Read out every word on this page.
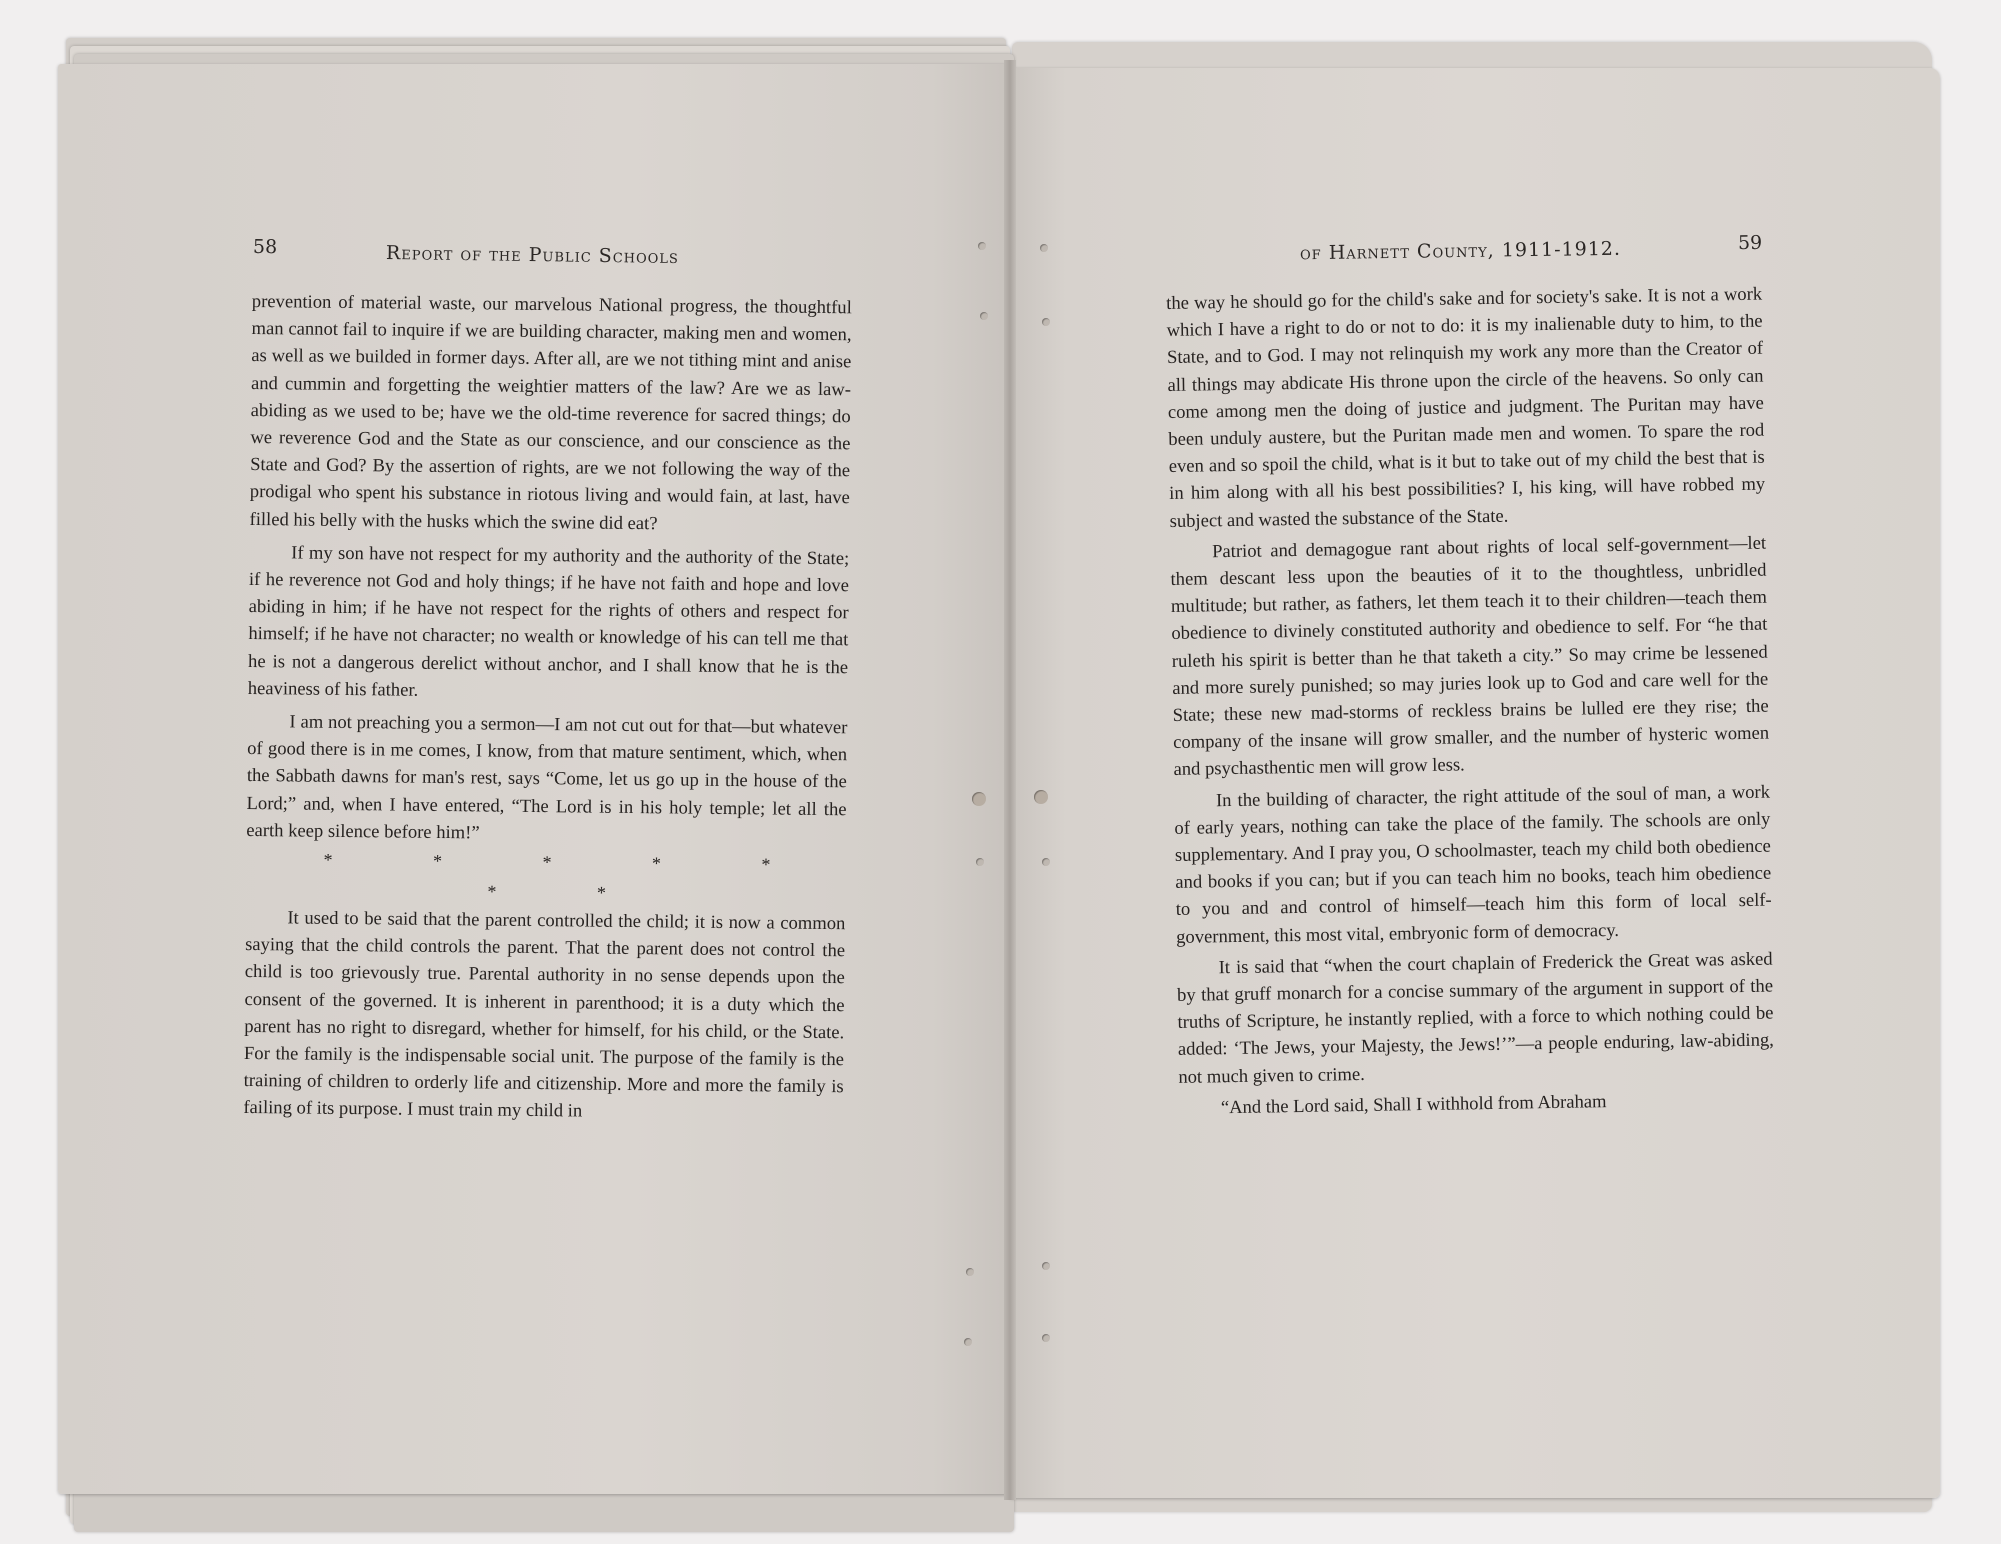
58	Report of the Public Schools	of Harnett County, 1911-1912.	59

prevention of material waste, our marvelous National progress, the thoughtful man cannot fail to inquire if we are building character, making men and women, as well as we builded in former days. After all, are we not tithing mint and anise and cummin and forgetting the weightier matters of the law? Are we as law-abiding as we used to be; have we the old-time reverence for sacred things; do we reverence God and the State as our conscience, and our conscience as the State and God? By the assertion of rights, are we not following the way of the prodigal who spent his substance in riotous living and would fain, at last, have filled his belly with the husks which the swine did eat?

If my son have not respect for my authority and the authority of the State; if he reverence not God and holy things; if he have not faith and hope and love abiding in him; if he have not respect for the rights of others and respect for himself; if he have not character; no wealth or knowledge of his can tell me that he is not a dangerous derelict without anchor, and I shall know that he is the heaviness of his father.

I am not preaching you a sermon—I am not cut out for that—but whatever of good there is in me comes, I know, from that mature sentiment, which, when the Sabbath dawns for man's rest, says “Come, let us go up in the house of the Lord;” and, when I have entered, “The Lord is in his holy temple; let all the earth keep silence before him!”

* * * * * * *

It used to be said that the parent controlled the child; it is now a common saying that the child controls the parent. That the parent does not control the child is too grievously true. Parental authority in no sense depends upon the consent of the governed. It is inherent in parenthood; it is a duty which the parent has no right to disregard, whether for himself, for his child, or the State. For the family is the indispensable social unit. The purpose of the family is the training of children to orderly life and citizenship. More and more the family is failing of its purpose. I must train my child in

the way he should go for the child's sake and for society's sake. It is not a work which I have a right to do or not to do: it is my inalienable duty to him, to the State, and to God. I may not relinquish my work any more than the Creator of all things may abdicate His throne upon the circle of the heavens. So only can come among men the doing of justice and judgment. The Puritan may have been unduly austere, but the Puritan made men and women. To spare the rod even and so spoil the child, what is it but to take out of my child the best that is in him along with all his best possibilities? I, his king, will have robbed my subject and wasted the substance of the State.

Patriot and demagogue rant about rights of local self-government—let them descant less upon the beauties of it to the thoughtless, unbridled multitude; but rather, as fathers, let them teach it to their children—teach them obedience to divinely constituted authority and obedience to self. For “he that ruleth his spirit is better than he that taketh a city.” So may crime be lessened and more surely punished; so may juries look up to God and care well for the State; these new mad-storms of reckless brains be lulled ere they rise; the company of the insane will grow smaller, and the number of hysteric women and psychasthentic men will grow less.

In the building of character, the right attitude of the soul of man, a work of early years, nothing can take the place of the family. The schools are only supplementary. And I pray you, O schoolmaster, teach my child both obedience and books if you can; but if you can teach him no books, teach him obedience to you and and control of himself—teach him this form of local self-government, this most vital, embryonic form of democracy.

It is said that “when the court chaplain of Frederick the Great was asked by that gruff monarch for a concise summary of the argument in support of the truths of Scripture, he instantly replied, with a force to which nothing could be added: ‘The Jews, your Majesty, the Jews!’”—a people enduring, law-abiding, not much given to crime.

“And the Lord said, Shall I withhold from Abraham
